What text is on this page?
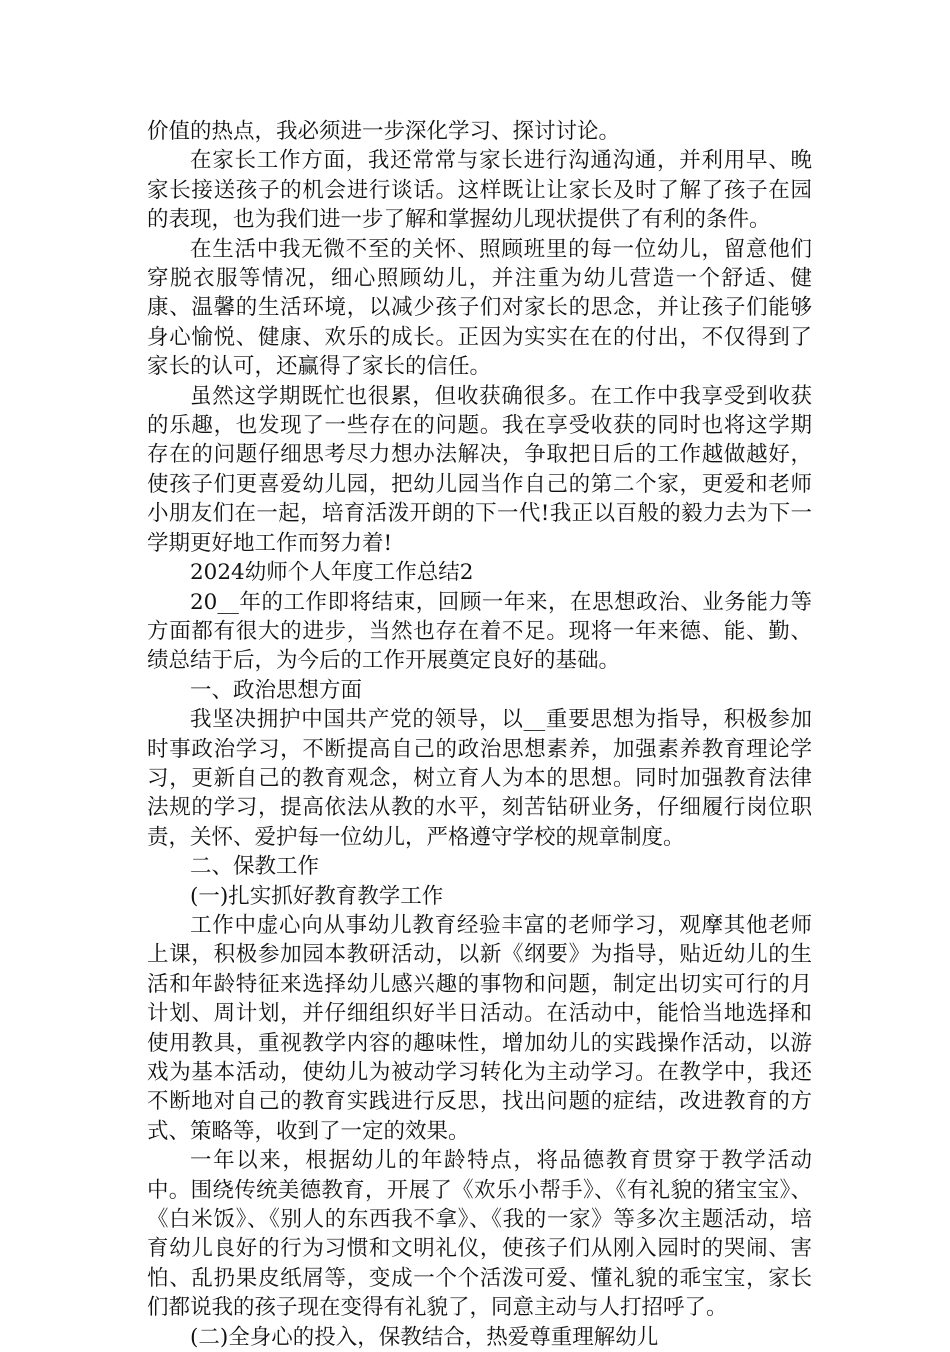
价值的热点，我必须进一步深化学习、探讨讨论。

在家长工作方面，我还常常与家长进行沟通沟通，并利用早、晚家长接送孩子的机会进行谈话。这样既让让家长及时了解了孩子在园的表现，也为我们进一步了解和掌握幼儿现状提供了有利的条件。

在生活中我无微不至的关怀、照顾班里的每一位幼儿，留意他们穿脱衣服等情况，细心照顾幼儿，并注重为幼儿营造一个舒适、健康、温馨的生活环境，以减少孩子们对家长的思念，并让孩子们能够身心愉悦、健康、欢乐的成长。正因为实实在在的付出，不仅得到了家长的认可，还赢得了家长的信任。

虽然这学期既忙也很累，但收获确很多。在工作中我享受到收获的乐趣，也发现了一些存在的问题。我在享受收获的同时也将这学期存在的问题仔细思考尽力想办法解决，争取把日后的工作越做越好，使孩子们更喜爱幼儿园，把幼儿园当作自己的第二个家，更爱和老师小朋友们在一起，培育活泼开朗的下一代!我正以百般的毅力去为下一学期更好地工作而努力着!

2024幼师个人年度工作总结2

20__年的工作即将结束，回顾一年来，在思想政治、业务能力等方面都有很大的进步，当然也存在着不足。现将一年来德、能、勤、绩总结于后，为今后的工作开展奠定良好的基础。

一、政治思想方面

我坚决拥护中国共产党的领导，以__重要思想为指导，积极参加时事政治学习，不断提高自己的政治思想素养，加强素养教育理论学习，更新自己的教育观念，树立育人为本的思想。同时加强教育法律法规的学习，提高依法从教的水平，刻苦钻研业务，仔细履行岗位职责，关怀、爱护每一位幼儿，严格遵守学校的规章制度。

二、保教工作

(一)扎实抓好教育教学工作

工作中虚心向从事幼儿教育经验丰富的老师学习，观摩其他老师上课，积极参加园本教研活动，以新《纲要》为指导，贴近幼儿的生活和年龄特征来选择幼儿感兴趣的事物和问题，制定出切实可行的月计划、周计划，并仔细组织好半日活动。在活动中，能恰当地选择和使用教具，重视教学内容的趣味性，增加幼儿的实践操作活动，以游戏为基本活动，使幼儿为被动学习转化为主动学习。在教学中，我还不断地对自己的教育实践进行反思，找出问题的症结，改进教育的方式、策略等，收到了一定的效果。

一年以来，根据幼儿的年龄特点，将品德教育贯穿于教学活动中。围绕传统美德教育，开展了《欢乐小帮手》、《有礼貌的猪宝宝》、《白米饭》、《别人的东西我不拿》、《我的一家》等多次主题活动，培育幼儿良好的行为习惯和文明礼仪，使孩子们从刚入园时的哭闹、害怕、乱扔果皮纸屑等，变成一个个活泼可爱、懂礼貌的乖宝宝，家长们都说我的孩子现在变得有礼貌了，同意主动与人打招呼了。

(二)全身心的投入，保教结合，热爱尊重理解幼儿
